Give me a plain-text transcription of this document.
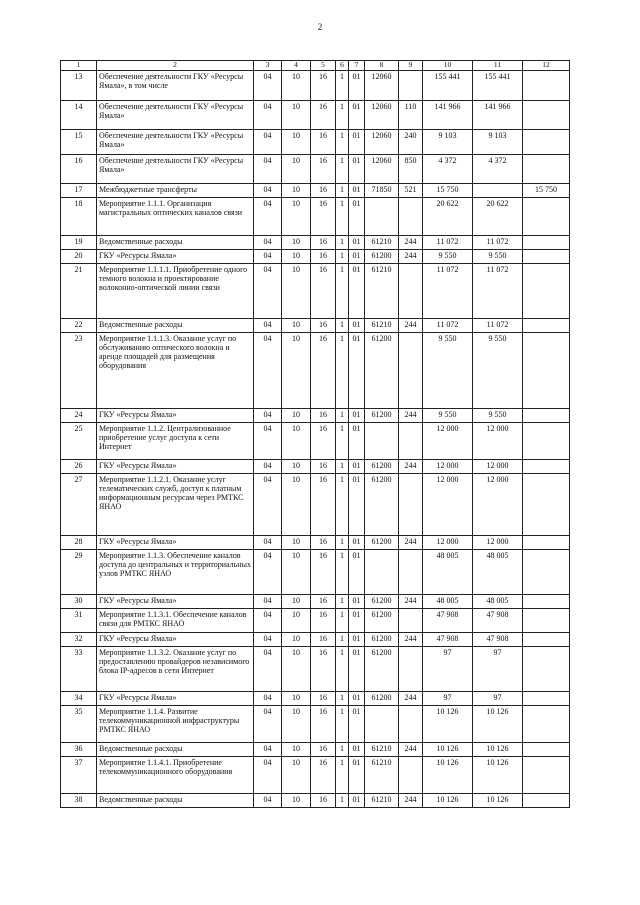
2
1	2	3	4	5	6	7	8	9	10	11	12
13	Обеспечение деятельности ГКУ «Ресурсы Ямала», в том числе	04	10	16	1	01	12060		155 441	155 441	
14	Обеспечение деятельности ГКУ «Ресурсы Ямала»	04	10	16	1	01	12060	110	141 966	141 966	
15	Обеспечение деятельности ГКУ «Ресурсы Ямала»	04	10	16	1	01	12060	240	9 103	9 103	
16	Обеспечение деятельности ГКУ «Ресурсы Ямала»	04	10	16	1	01	12060	850	4 372	4 372	
17	Межбюджетные трансферты	04	10	16	1	01	71850	521	15 750		15 750
18	Мероприятие 1.1.1. Организация магистральных оптических каналов связи	04	10	16	1	01			20 622	20 622	
19	Ведомственные расходы	04	10	16	1	01	61210	244	11 072	11 072	
20	ГКУ «Ресурсы Ямала»	04	10	16	1	01	61200	244	9 550	9 550	
21	Мероприятие 1.1.1.1. Приобретение одного темного волокна и проектирование волоконно-оптической линии связи	04	10	16	1	01	61210		11 072	11 072	
22	Ведомственные расходы	04	10	16	1	01	61210	244	11 072	11 072	
23	Мероприятие 1.1.1.3. Оказание услуг по обслуживанию оптического волокна и аренде площадей для размещения оборудования	04	10	16	1	01	61200		9 550	9 550	
24	ГКУ «Ресурсы Ямала»	04	10	16	1	01	61200	244	9 550	9 550	
25	Мероприятие 1.1.2. Централизованное приобретение услуг доступа к сети Интернет	04	10	16	1	01			12 000	12 000	
26	ГКУ «Ресурсы Ямала»	04	10	16	1	01	61200	244	12 000	12 000	
27	Мероприятие 1.1.2.1. Оказание услуг телематических служб, доступ к платным информационным ресурсам через РМТКС ЯНАО	04	10	16	1	01	61200		12 000	12 000	
28	ГКУ «Ресурсы Ямала»	04	10	16	1	01	61200	244	12 000	12 000	
29	Мероприятие 1.1.3. Обеспечение каналов доступа до центральных и территориальных узлов РМТКС ЯНАО	04	10	16	1	01			48 005	48 005	
30	ГКУ «Ресурсы Ямала»	04	10	16	1	01	61200	244	48 005	48 005	
31	Мероприятие 1.1.3.1. Обеспечение каналов связи для РМТКС ЯНАО	04	10	16	1	01	61200		47 908	47 908	
32	ГКУ «Ресурсы Ямала»	04	10	16	1	01	61200	244	47 908	47 908	
33	Мероприятие 1.1.3.2. Оказание услуг по предоставлению провайдеров независимого блока IP-адресов в сети Интернет	04	10	16	1	01	61200		97	97	
34	ГКУ «Ресурсы Ямала»	04	10	16	1	01	61200	244	97	97	
35	Мероприятие 1.1.4. Развитие телекоммуникационной инфраструктуры РМТКС ЯНАО	04	10	16	1	01			10 126	10 126	
36	Ведомственные расходы	04	10	16	1	01	61210	244	10 126	10 126	
37	Мероприятие 1.1.4.1. Приобретение телекоммуникационного оборудования	04	10	16	1	01	61210		10 126	10 126	
38	Ведомственные расходы	04	10	16	1	01	61210	244	10 126	10 126	
